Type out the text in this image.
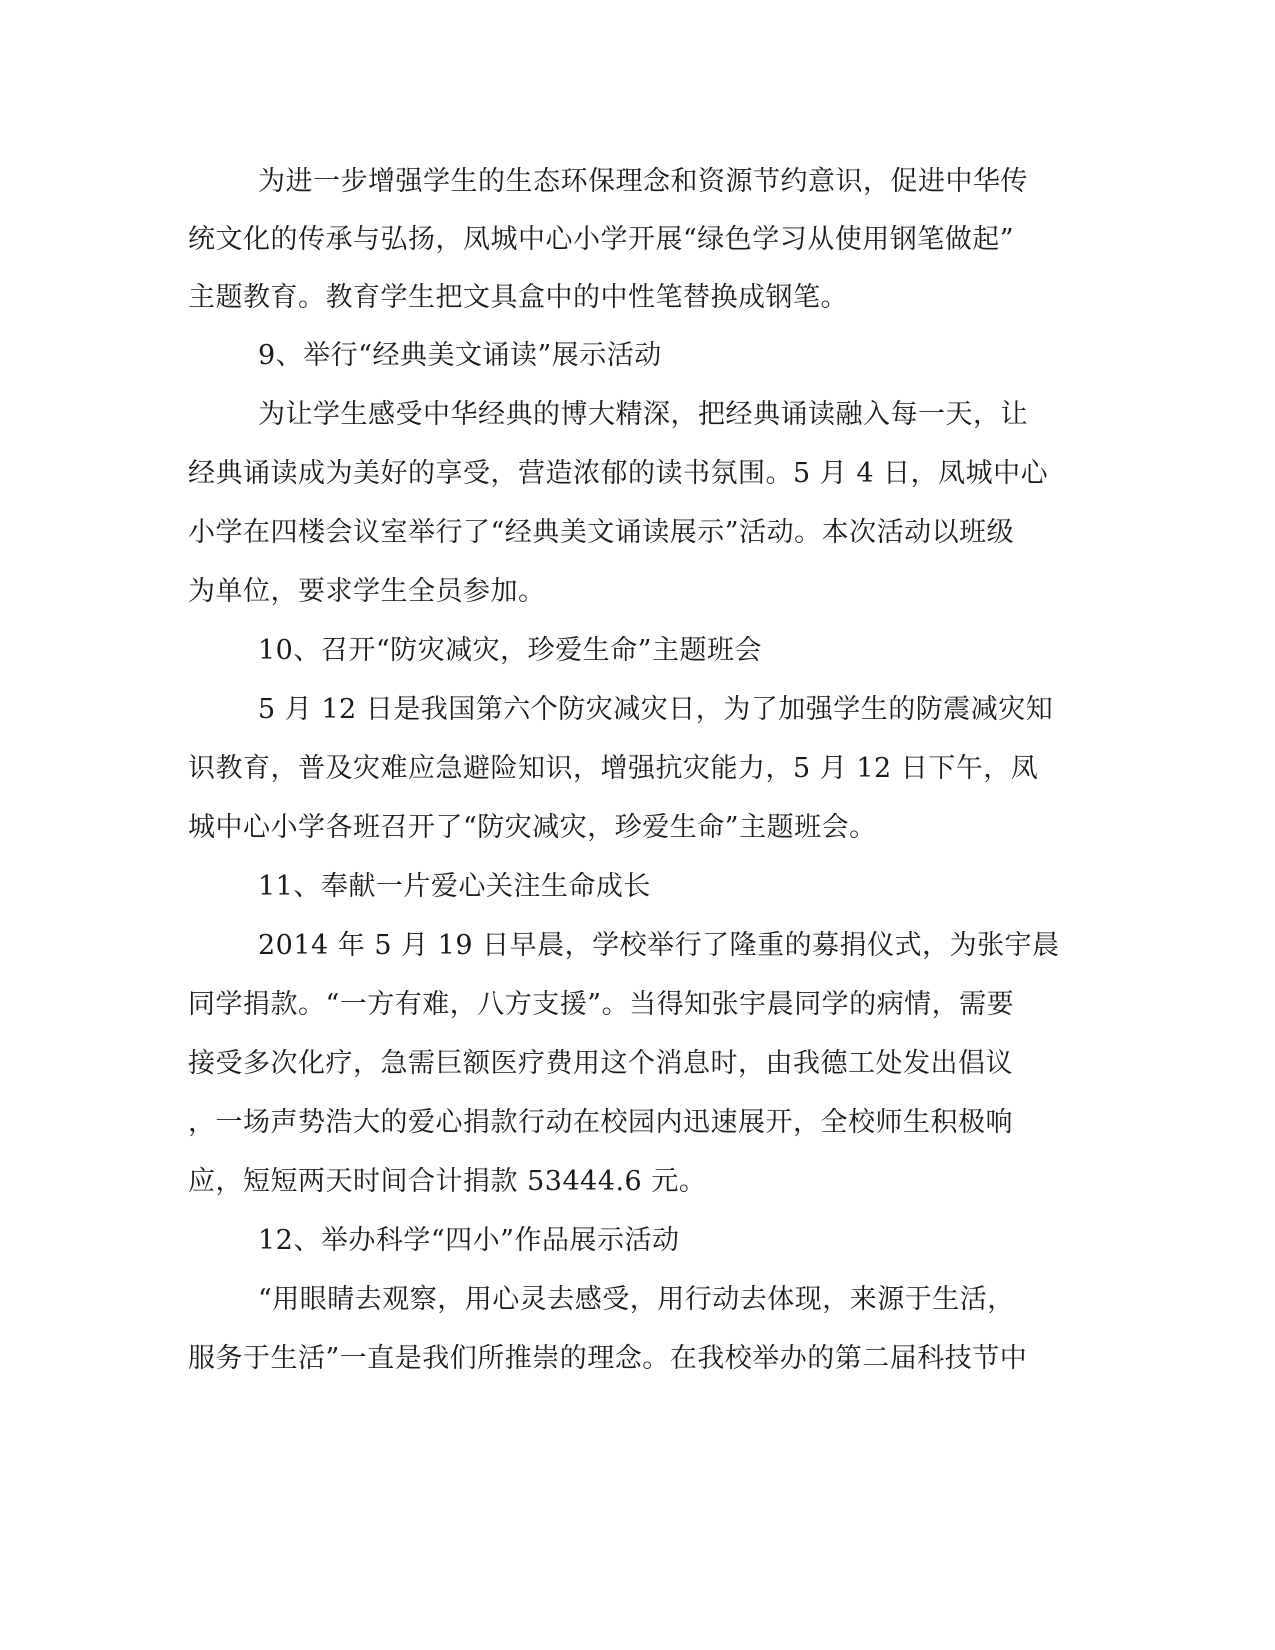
为进一步增强学生的生态环保理念和资源节约意识，促进中华传
统文化的传承与弘扬，凤城中心小学开展“绿色学习从使用钢笔做起”
主题教育。教育学生把文具盒中的中性笔替换成钢笔。
9、举行“经典美文诵读”展示活动
为让学生感受中华经典的博大精深，把经典诵读融入每一天，让
经典诵读成为美好的享受，营造浓郁的读书氛围。5 月 4 日，凤城中心
小学在四楼会议室举行了“经典美文诵读展示”活动。本次活动以班级
为单位，要求学生全员参加。
10、召开“防灾减灾，珍爱生命”主题班会
5 月 12 日是我国第六个防灾减灾日，为了加强学生的防震减灾知
识教育，普及灾难应急避险知识，增强抗灾能力，5 月 12 日下午，凤
城中心小学各班召开了“防灾减灾，珍爱生命”主题班会。
11、奉献一片爱心关注生命成长
2014 年 5 月 19 日早晨，学校举行了隆重的募捐仪式，为张宇晨
同学捐款。“一方有难，八方支援”。当得知张宇晨同学的病情，需要
接受多次化疗，急需巨额医疗费用这个消息时，由我德工处发出倡议
，一场声势浩大的爱心捐款行动在校园内迅速展开，全校师生积极响
应，短短两天时间合计捐款 53444.6 元。
12、举办科学“四小”作品展示活动
“用眼睛去观察，用心灵去感受，用行动去体现，来源于生活，
服务于生活”一直是我们所推崇的理念。在我校举办的第二届科技节中
